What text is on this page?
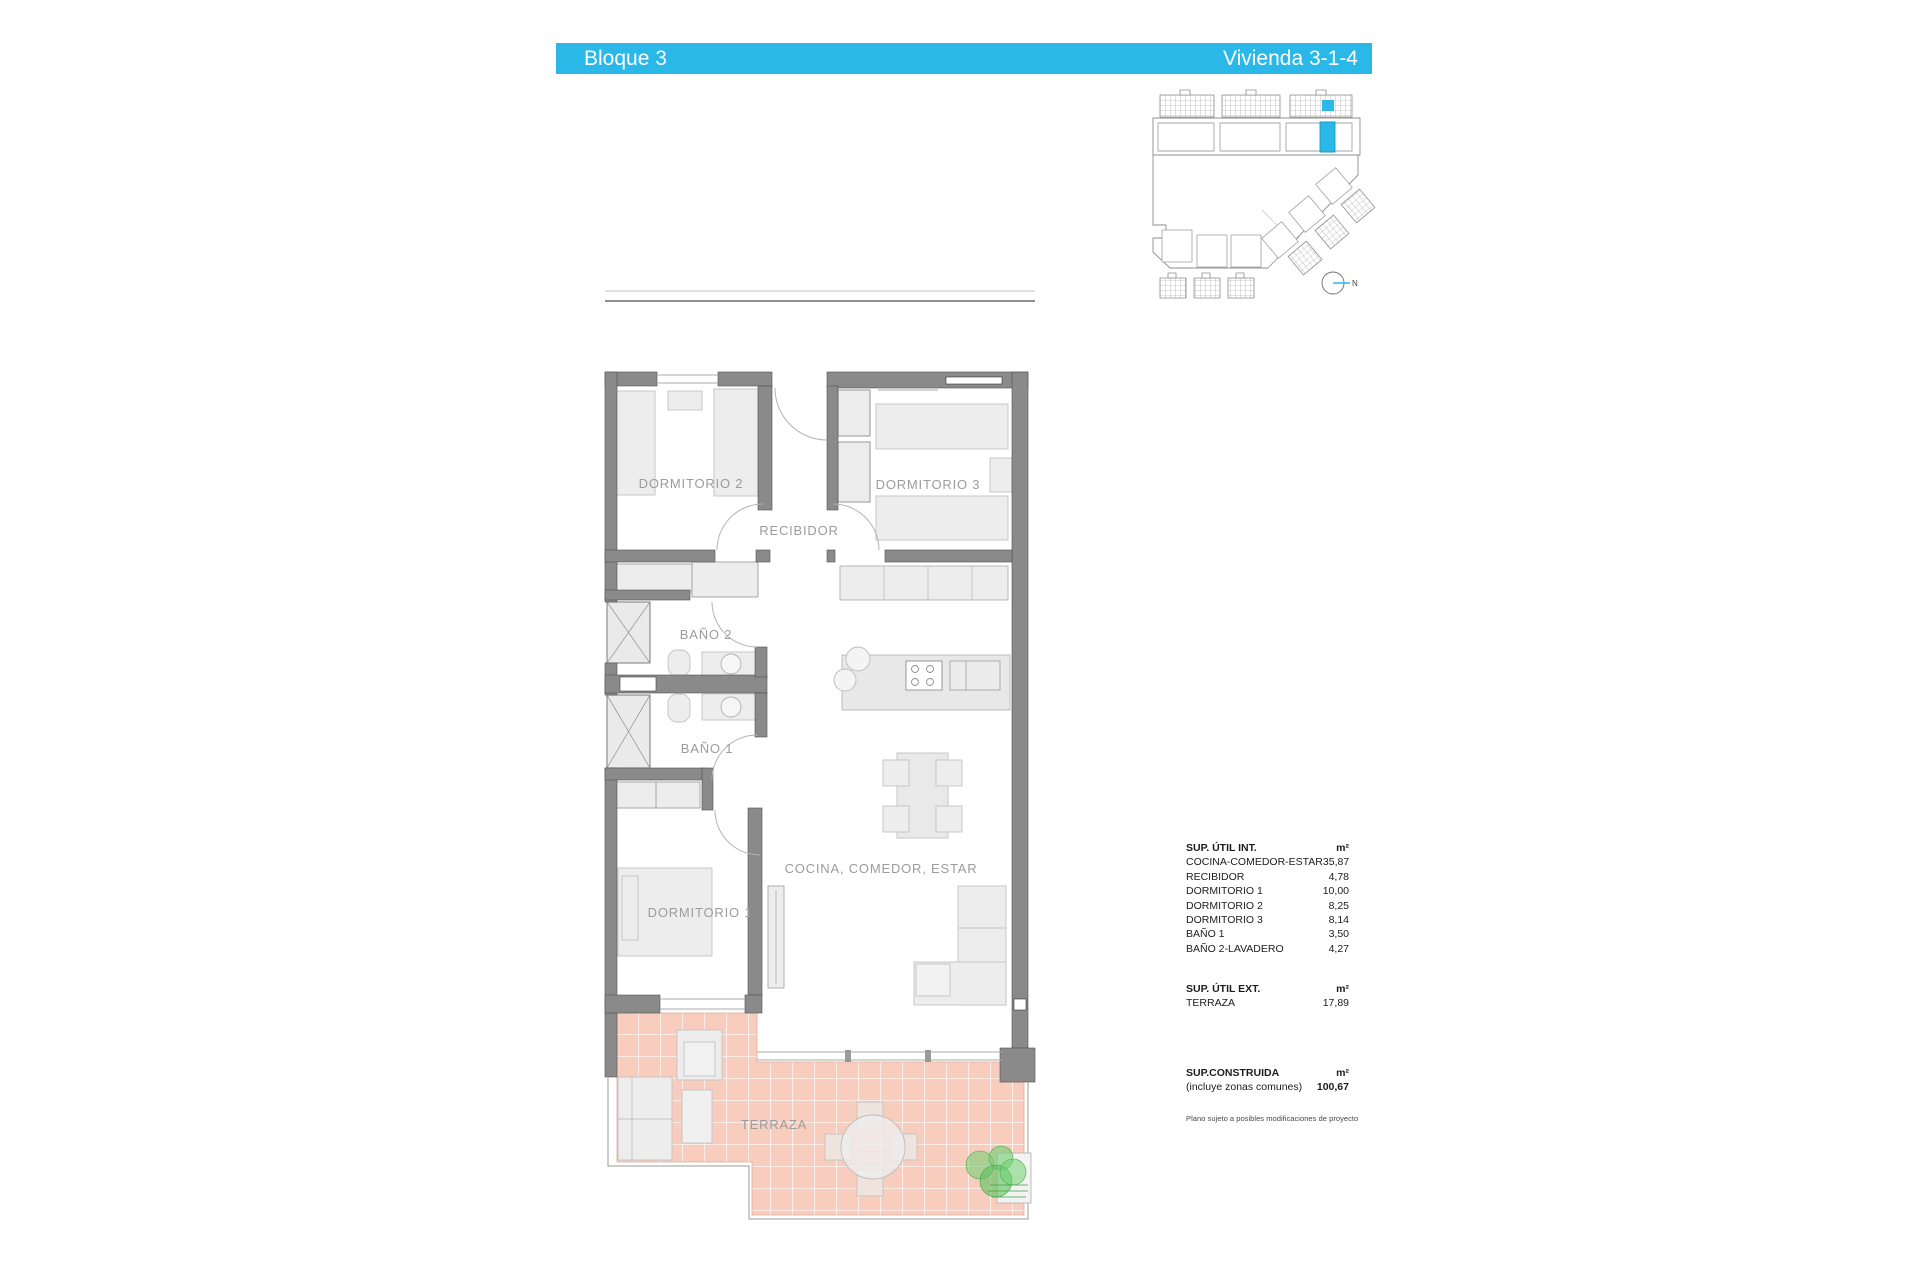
Bloque 3	Vivienda 3-1-4
N
DORMITORIO 2	DORMITORIO 3
RECIBIDOR
BAÑO 2
BAÑO 1
DORMITORIO 1
COCINA, COMEDOR, ESTAR
TERRAZA
SUP. ÚTIL INT.	m²
COCINA-COMEDOR-ESTAR 35,87
RECIBIDOR	4,78
DORMITORIO 1	10,00
DORMITORIO 2	8,25
DORMITORIO 3	8,14
BAÑO 1	3,50
BAÑO 2-LAVADERO	4,27
SUP. ÚTIL EXT.	m²
TERRAZA	17,89
SUP.CONSTRUIDA	m²
(incluye zonas comunes) 100,67
Plano sujeto a posibles modificaciones de proyecto
